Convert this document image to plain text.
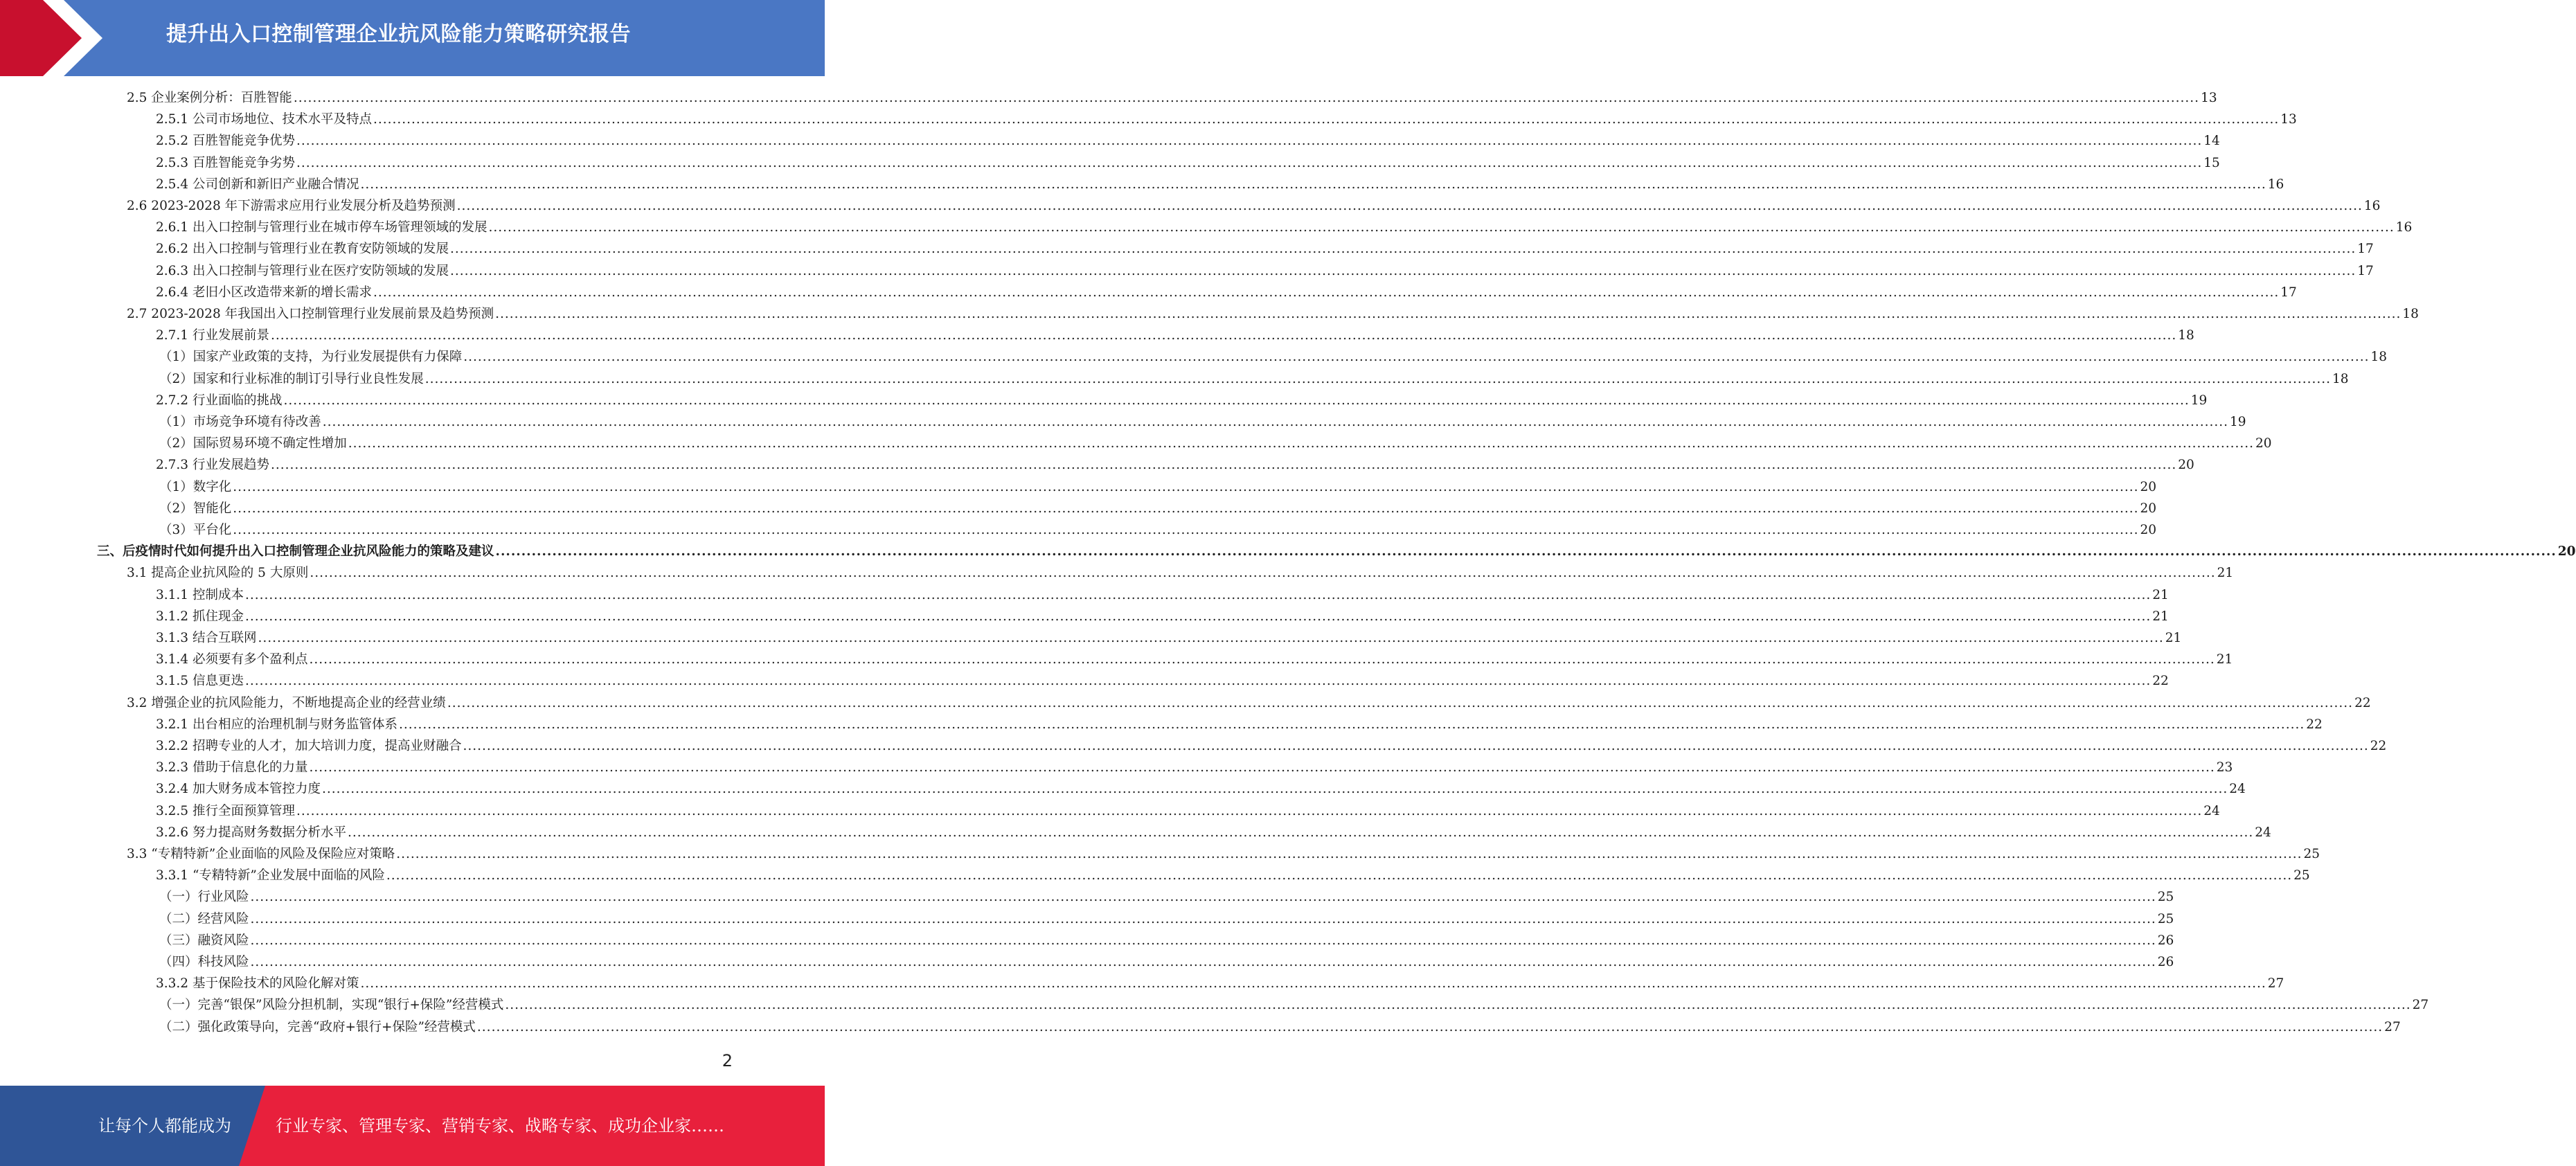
提升出入口控制管理企业抗风险能力策略研究报告
2.5 企业案例分析：百胜智能 ................................................................................................................................................................................................................................................................................................................................................................................................................ 13
2.5.1 公司市场地位、技术水平及特点 ................................................................................................................................................................................................................................................................................................................................................................................................................ 13
2.5.2 百胜智能竞争优势 ................................................................................................................................................................................................................................................................................................................................................................................................................ 14
2.5.3 百胜智能竞争劣势 ................................................................................................................................................................................................................................................................................................................................................................................................................ 15
2.5.4 公司创新和新旧产业融合情况 ................................................................................................................................................................................................................................................................................................................................................................................................................ 16
2.6 2023-2028 年下游需求应用行业发展分析及趋势预测 ................................................................................................................................................................................................................................................................................................................................................................................................................ 16
2.6.1 出入口控制与管理行业在城市停车场管理领域的发展 ................................................................................................................................................................................................................................................................................................................................................................................................................ 16
2.6.2 出入口控制与管理行业在教育安防领域的发展 ................................................................................................................................................................................................................................................................................................................................................................................................................ 17
2.6.3 出入口控制与管理行业在医疗安防领域的发展 ................................................................................................................................................................................................................................................................................................................................................................................................................ 17
2.6.4 老旧小区改造带来新的增长需求 ................................................................................................................................................................................................................................................................................................................................................................................................................ 17
2.7 2023-2028 年我国出入口控制管理行业发展前景及趋势预测 ................................................................................................................................................................................................................................................................................................................................................................................................................ 18
2.7.1 行业发展前景 ................................................................................................................................................................................................................................................................................................................................................................................................................ 18
（1）国家产业政策的支持，为行业发展提供有力保障 ................................................................................................................................................................................................................................................................................................................................................................................................................ 18
（2）国家和行业标准的制订引导行业良性发展 ................................................................................................................................................................................................................................................................................................................................................................................................................ 18
2.7.2 行业面临的挑战 ................................................................................................................................................................................................................................................................................................................................................................................................................ 19
（1）市场竞争环境有待改善 ................................................................................................................................................................................................................................................................................................................................................................................................................ 19
（2）国际贸易环境不确定性增加 ................................................................................................................................................................................................................................................................................................................................................................................................................ 20
2.7.3 行业发展趋势 ................................................................................................................................................................................................................................................................................................................................................................................................................ 20
（1）数字化 ................................................................................................................................................................................................................................................................................................................................................................................................................ 20
（2）智能化 ................................................................................................................................................................................................................................................................................................................................................................................................................ 20
（3）平台化 ................................................................................................................................................................................................................................................................................................................................................................................................................ 20
三、后疫情时代如何提升出入口控制管理企业抗风险能力的策略及建议 ................................................................................................................................................................................................................................................................................................................................................................................................................ 20
3.1 提高企业抗风险的 5 大原则 ................................................................................................................................................................................................................................................................................................................................................................................................................ 21
3.1.1 控制成本 ................................................................................................................................................................................................................................................................................................................................................................................................................ 21
3.1.2 抓住现金 ................................................................................................................................................................................................................................................................................................................................................................................................................ 21
3.1.3 结合互联网 ................................................................................................................................................................................................................................................................................................................................................................................................................ 21
3.1.4 必须要有多个盈利点 ................................................................................................................................................................................................................................................................................................................................................................................................................ 21
3.1.5 信息更迭 ................................................................................................................................................................................................................................................................................................................................................................................................................ 22
3.2 增强企业的抗风险能力，不断地提高企业的经营业绩 ................................................................................................................................................................................................................................................................................................................................................................................................................ 22
3.2.1 出台相应的治理机制与财务监管体系 ................................................................................................................................................................................................................................................................................................................................................................................................................ 22
3.2.2 招聘专业的人才，加大培训力度，提高业财融合 ................................................................................................................................................................................................................................................................................................................................................................................................................ 22
3.2.3 借助于信息化的力量 ................................................................................................................................................................................................................................................................................................................................................................................................................ 23
3.2.4 加大财务成本管控力度 ................................................................................................................................................................................................................................................................................................................................................................................................................ 24
3.2.5 推行全面预算管理 ................................................................................................................................................................................................................................................................................................................................................................................................................ 24
3.2.6 努力提高财务数据分析水平 ................................................................................................................................................................................................................................................................................................................................................................................................................ 24
3.3 “专精特新”企业面临的风险及保险应对策略 ................................................................................................................................................................................................................................................................................................................................................................................................................ 25
3.3.1 “专精特新”企业发展中面临的风险 ................................................................................................................................................................................................................................................................................................................................................................................................................ 25
（一）行业风险 ................................................................................................................................................................................................................................................................................................................................................................................................................ 25
（二）经营风险 ................................................................................................................................................................................................................................................................................................................................................................................................................ 25
（三）融资风险 ................................................................................................................................................................................................................................................................................................................................................................................................................ 26
（四）科技风险 ................................................................................................................................................................................................................................................................................................................................................................................................................ 26
3.3.2 基于保险技术的风险化解对策 ................................................................................................................................................................................................................................................................................................................................................................................................................ 27
（一）完善“银保”风险分担机制，实现“银行+保险”经营模式 ................................................................................................................................................................................................................................................................................................................................................................................................................ 27
（二）强化政策导向，完善“政府+银行+保险”经营模式 ................................................................................................................................................................................................................................................................................................................................................................................................................ 27
2
让每个人都能成为	行业专家、管理专家、营销专家、战略专家、成功企业家……
